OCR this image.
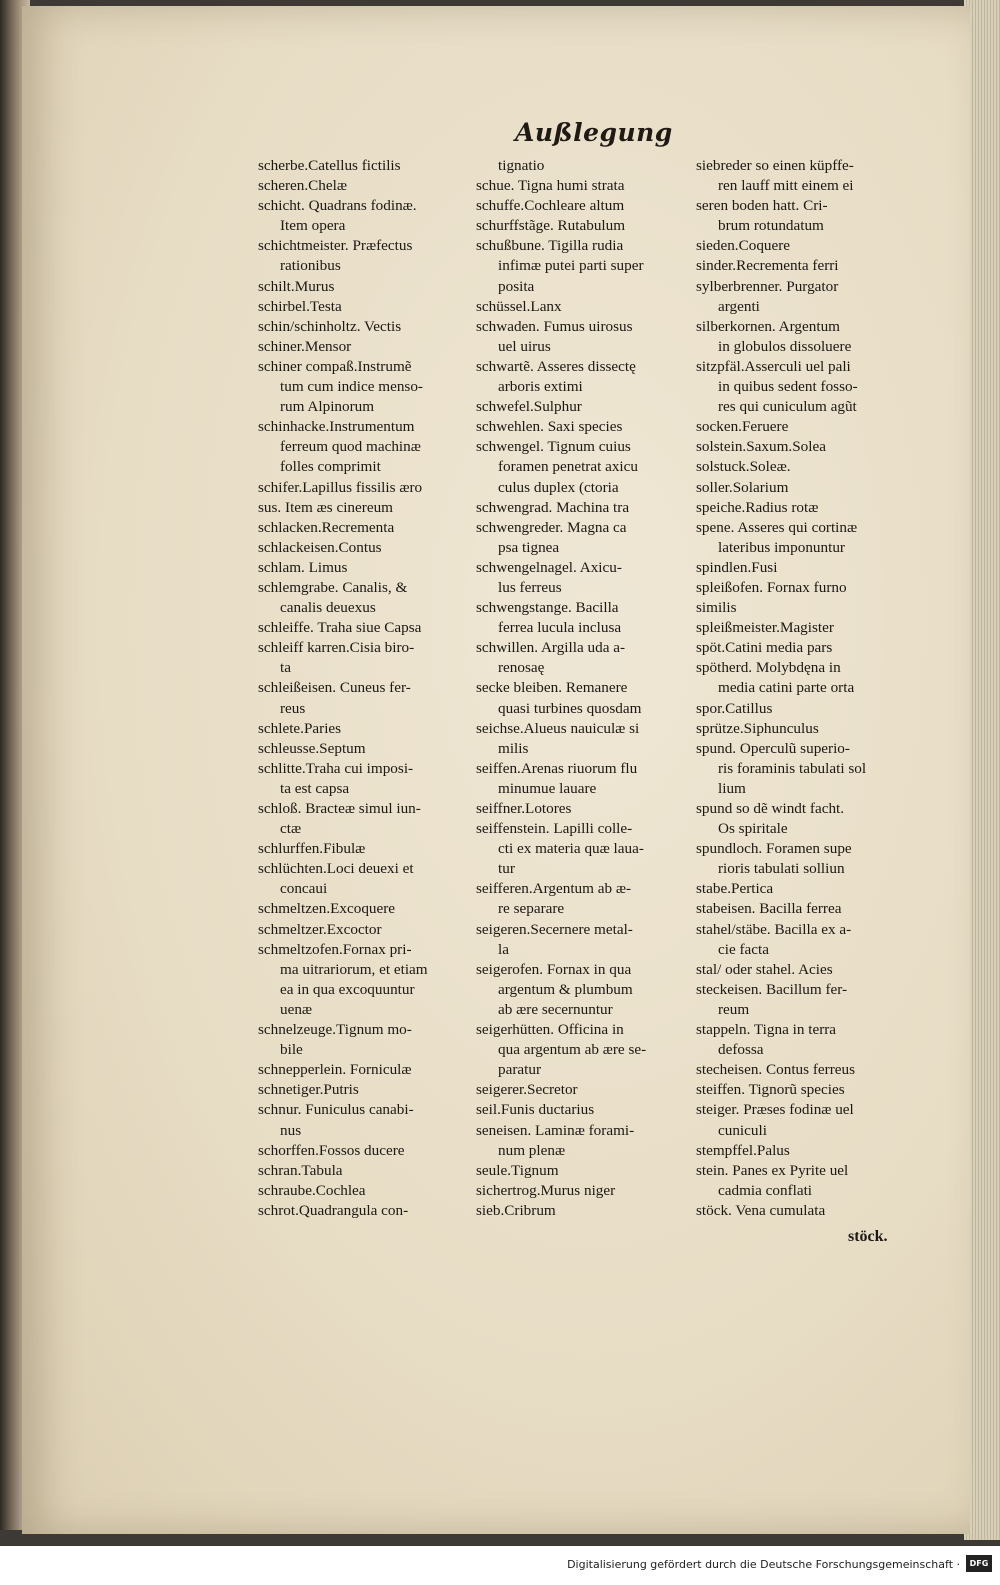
Außlegung

scherbe.Catellus fictilis

scheren.Chelæ

schicht. Quadrans fodinæ.

Item opera

schichtmeister. Præfectus

rationibus

schilt.Murus

schirbel.Testa

schin/schinholtz. Vectis

schiner.Mensor

schiner compaß.Instrumẽ

tum cum indice menso-

rum Alpinorum

schinhacke.Instrumentum

ferreum quod machinæ

folles comprimit

schifer.Lapillus fissilis æro

sus. Item æs cinereum

schlacken.Recrementa

schlackeisen.Contus

schlam. Limus

schlemgrabe. Canalis, &

canalis deuexus

schleiffe. Traha siue Capsa

schleiff karren.Cisia biro-

ta

schleißeisen. Cuneus fer-

reus

schlete.Paries

schleusse.Septum

schlitte.Traha cui imposi-

ta est capsa

schloß. Bracteæ simul iun-

ctæ

schlurffen.Fibulæ

schlüchten.Loci deuexi et

concaui

schmeltzen.Excoquere

schmeltzer.Excoctor

schmeltzofen.Fornax pri-

ma uitrariorum, et etiam

ea in qua excoquuntur

uenæ

schnelzeuge.Tignum mo-

bile

schnepperlein. Forniculæ

schnetiger.Putris

schnur. Funiculus canabi-

nus

schorffen.Fossos ducere

schran.Tabula

schraube.Cochlea

schrot.Quadrangula con-

tignatio

schue. Tigna humi strata

schuffe.Cochleare altum

schurffstãge. Rutabulum

schußbune. Tigilla rudia

infimæ putei parti super

posita

schüssel.Lanx

schwaden. Fumus uirosus

uel uirus

schwartẽ. Asseres dissectę

arboris extimi

schwefel.Sulphur

schwehlen. Saxi species

schwengel. Tignum cuius

foramen penetrat axicu

culus duplex (ctoria

schwengrad. Machina tra

schwengreder. Magna ca

psa tignea

schwengelnagel. Axicu-

lus ferreus

schwengstange. Bacilla

ferrea lucula inclusa

schwillen. Argilla uda a-

renosaę

secke bleiben. Remanere

quasi turbines quosdam

seichse.Alueus nauiculæ si

milis

seiffen.Arenas riuorum flu

minumue lauare

seiffner.Lotores

seiffenstein. Lapilli colle-

cti ex materia quæ laua-

tur

seifferen.Argentum ab æ-

re separare

seigeren.Secernere metal-

la

seigerofen. Fornax in qua

argentum & plumbum

ab ære secernuntur

seigerhütten. Officina in

qua argentum ab ære se-

paratur

seigerer.Secretor

seil.Funis ductarius

seneisen. Laminæ forami-

num plenæ

seule.Tignum

sichertrog.Murus niger

sieb.Cribrum

siebreder so einen küpffe-

ren lauff mitt einem ei

seren boden hatt. Cri-

brum rotundatum

sieden.Coquere

sinder.Recrementa ferri

sylberbrenner. Purgator

argenti

silberkornen. Argentum

in globulos dissoluere

sitzpfäl.Asserculi uel pali

in quibus sedent fosso-

res qui cuniculum agũt

socken.Feruere

solstein.Saxum.Solea

solstuck.Soleæ.

soller.Solarium

speiche.Radius rotæ

spene. Asseres qui cortinæ

lateribus imponuntur

spindlen.Fusi

spleißofen. Fornax furno

similis

spleißmeister.Magister

spöt.Catini media pars

spötherd. Molybdęna in

media catini parte orta

spor.Catillus

sprütze.Siphunculus

spund. Operculũ superio-

ris foraminis tabulati sol

lium

spund so dẽ windt facht.

Os spiritale

spundloch. Foramen supe

rioris tabulati solliun

stabe.Pertica

stabeisen. Bacilla ferrea

stahel/stäbe. Bacilla ex a-

cie facta

stal/ oder stahel. Acies

steckeisen. Bacillum fer-

reum

stappeln. Tigna in terra

defossa

stecheisen. Contus ferreus

steiffen. Tignorũ species

steiger. Præses fodinæ uel

cuniculi

stempffel.Palus

stein. Panes ex Pyrite uel

cadmia conflati

stöck. Vena cumulata

stöck.
Digitalisierung gefördert durch die Deutsche Forschungsgemeinschaft ·	DFG
